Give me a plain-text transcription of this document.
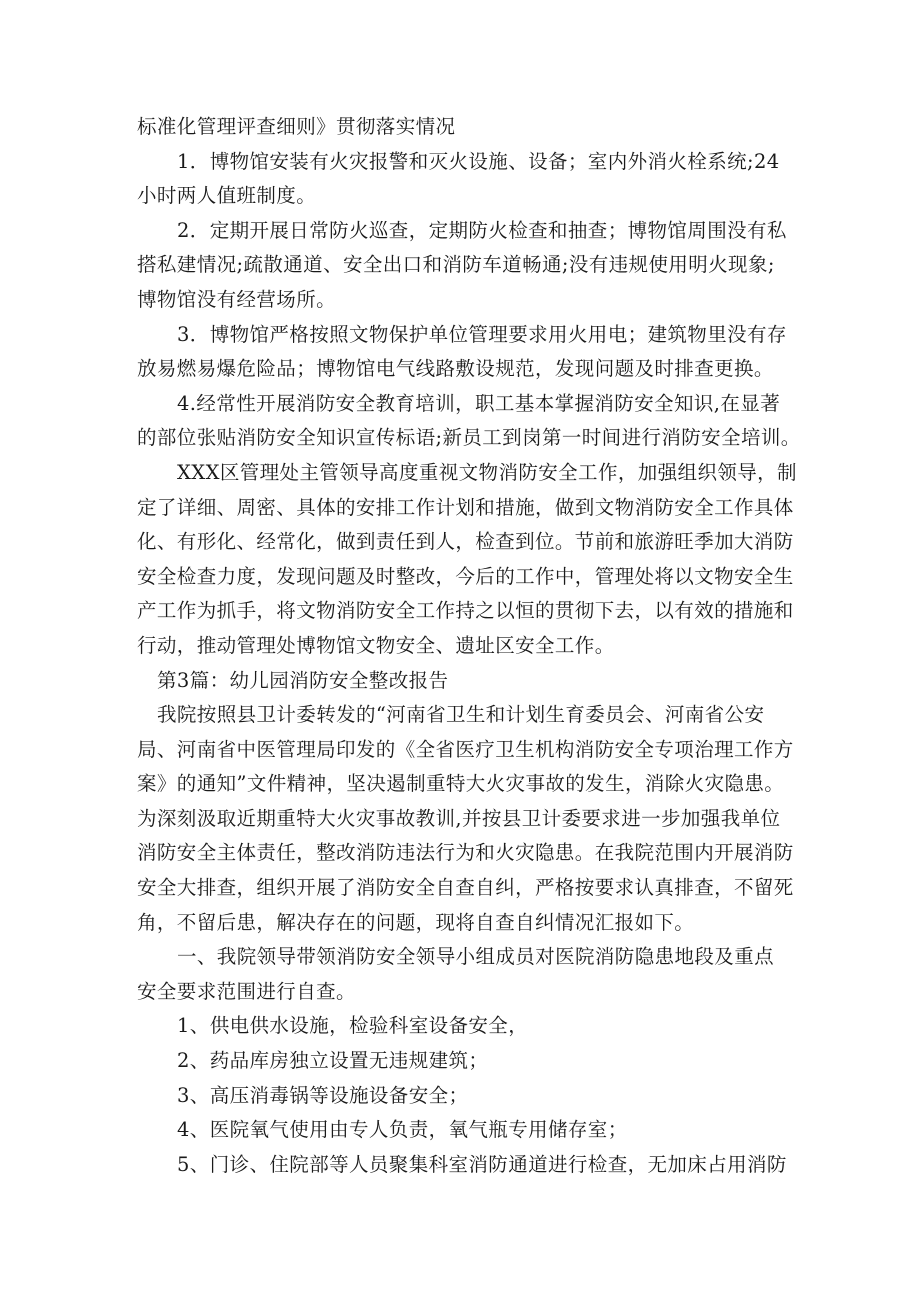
标准化管理评查细则》贯彻落实情况
1．博物馆安装有火灾报警和灭火设施、设备；室内外消火栓系统;24
小时两人值班制度。
2．定期开展日常防火巡查，定期防火检查和抽查；博物馆周围没有私
搭私建情况;疏散通道、安全出口和消防车道畅通;没有违规使用明火现象;
博物馆没有经营场所。
3．博物馆严格按照文物保护单位管理要求用火用电；建筑物里没有存
放易燃易爆危险品；博物馆电气线路敷设规范，发现问题及时排查更换。
4.经常性开展消防安全教育培训，职工基本掌握消防安全知识,在显著
的部位张贴消防安全知识宣传标语;新员工到岗第一时间进行消防安全培训。
XXX区管理处主管领导高度重视文物消防安全工作，加强组织领导，制
定了详细、周密、具体的安排工作计划和措施，做到文物消防安全工作具体
化、有形化、经常化，做到责任到人，检查到位。节前和旅游旺季加大消防
安全检查力度，发现问题及时整改，今后的工作中，管理处将以文物安全生
产工作为抓手，将文物消防安全工作持之以恒的贯彻下去，以有效的措施和
行动，推动管理处博物馆文物安全、遗址区安全工作。
第3篇：幼儿园消防安全整改报告
我院按照县卫计委转发的“河南省卫生和计划生育委员会、河南省公安
局、河南省中医管理局印发的《全省医疗卫生机构消防安全专项治理工作方
案》的通知”文件精神，坚决遏制重特大火灾事故的发生，消除火灾隐患。
为深刻汲取近期重特大火灾事故教训,并按县卫计委要求进一步加强我单位
消防安全主体责任，整改消防违法行为和火灾隐患。在我院范围内开展消防
安全大排查，组织开展了消防安全自查自纠，严格按要求认真排查，不留死
角，不留后患，解决存在的问题，现将自查自纠情况汇报如下。
一、我院领导带领消防安全领导小组成员对医院消防隐患地段及重点
安全要求范围进行自查。
1、供电供水设施，检验科室设备安全，
2、药品库房独立设置无违规建筑；
3、高压消毒锅等设施设备安全；
4、医院氧气使用由专人负责，氧气瓶专用储存室；
5、门诊、住院部等人员聚集科室消防通道进行检查，无加床占用消防
